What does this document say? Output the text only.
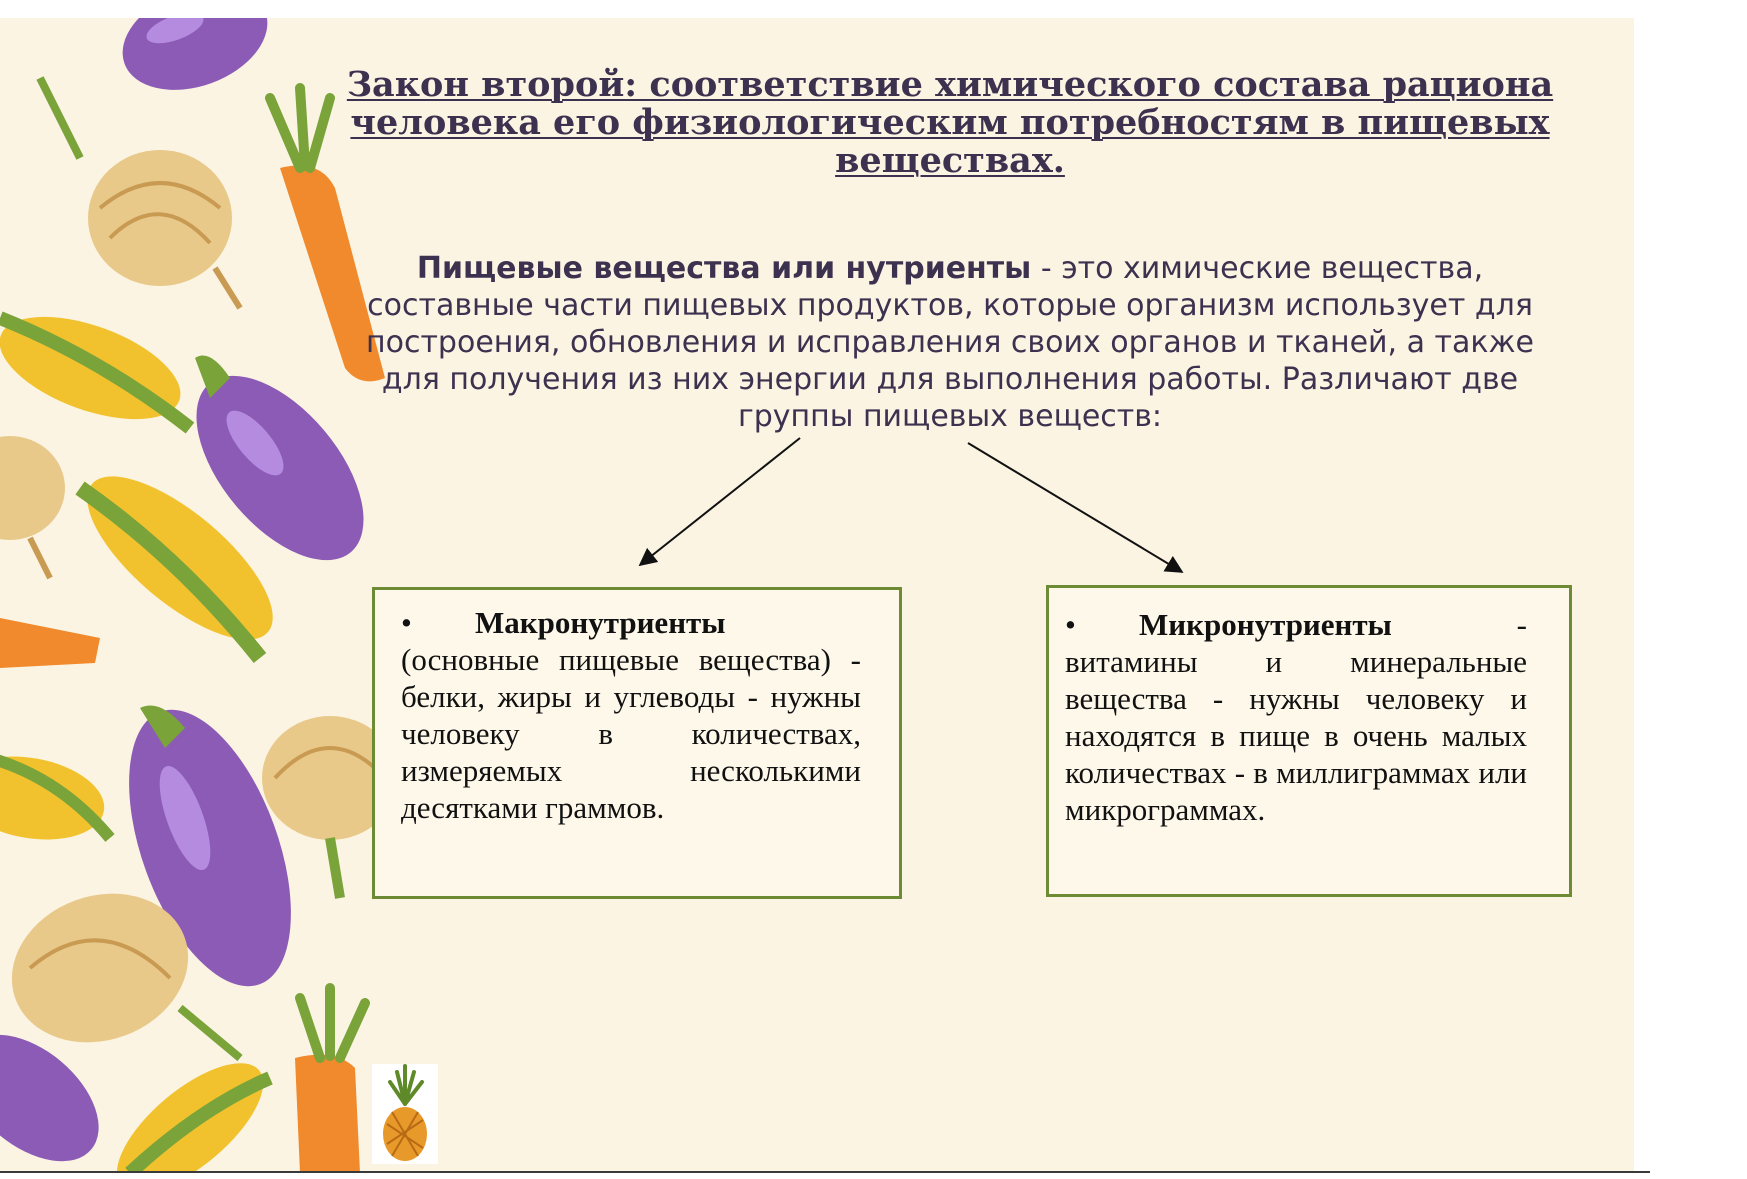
Закон второй: соответствие химического состава рациона человека его физиологическим потребностям в пищевых веществах.

Пищевые вещества или нутриенты - это химические вещества, составные части пищевых продуктов, которые организм использует для построения, обновления и исправления своих органов и тканей, а также для получения из них энергии для выполнения работы. Различают две группы пищевых веществ:

• Макронутриенты (основные пищевые вещества) - белки, жиры и углеводы - нужны человеку в количествах, измеряемых несколькими десятками граммов.
• Микронутриенты - витамины и минеральные вещества - нужны человеку и находятся в пище в очень малых количествах - в миллиграммах или микрограммах.
